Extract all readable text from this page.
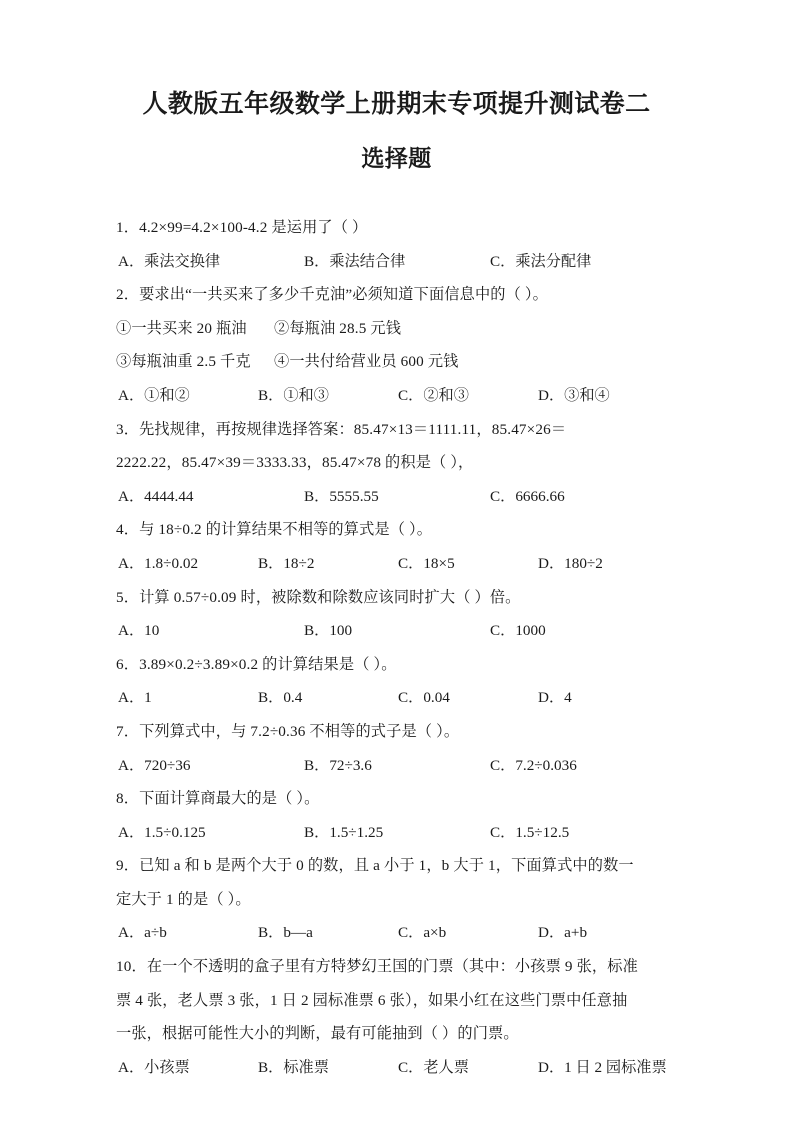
人教版五年级数学上册期末专项提升测试卷二
选择题
1．4.2×99=4.2×100-4.2 是运用了（ ）
A．乘法交换律	B．乘法结合律	C．乘法分配律
2．要求出“一共买来了多少千克油”必须知道下面信息中的（ ）。
①一共买来 20 瓶油 ②每瓶油 28.5 元钱
③每瓶油重 2.5 千克 ④一共付给营业员 600 元钱
A．①和②	B．①和③	C．②和③	D．③和④
3．先找规律，再按规律选择答案：85.47×13＝1111.11，85.47×26＝
2222.22，85.47×39＝3333.33，85.47×78 的积是（ ），
A．4444.44	B．5555.55	C．6666.66
4．与 18÷0.2 的计算结果不相等的算式是（ ）。
A．1.8÷0.02	B．18÷2	C．18×5	D．180÷2
5．计算 0.57÷0.09 时，被除数和除数应该同时扩大（ ）倍。
A．10	B．100	C．1000
6．3.89×0.2÷3.89×0.2 的计算结果是（ ）。
A．1	B．0.4	C．0.04	D．4
7．下列算式中，与 7.2÷0.36 不相等的式子是（ ）。
A．720÷36	B．72÷3.6	C．7.2÷0.036
8．下面计算商最大的是（ ）。
A．1.5÷0.125	B．1.5÷1.25	C．1.5÷12.5
9．已知 a 和 b 是两个大于 0 的数，且 a 小于 1，b 大于 1，下面算式中的数一
定大于 1 的是（ ）。
A．a÷b	B．b—a	C．a×b	D．a+b
10．在一个不透明的盒子里有方特梦幻王国的门票（其中：小孩票 9 张，标准
票 4 张，老人票 3 张，1 日 2 园标准票 6 张），如果小红在这些门票中任意抽
一张，根据可能性大小的判断，最有可能抽到（ ）的门票。
A．小孩票	B．标准票	C．老人票	D．1 日 2 园标准票
